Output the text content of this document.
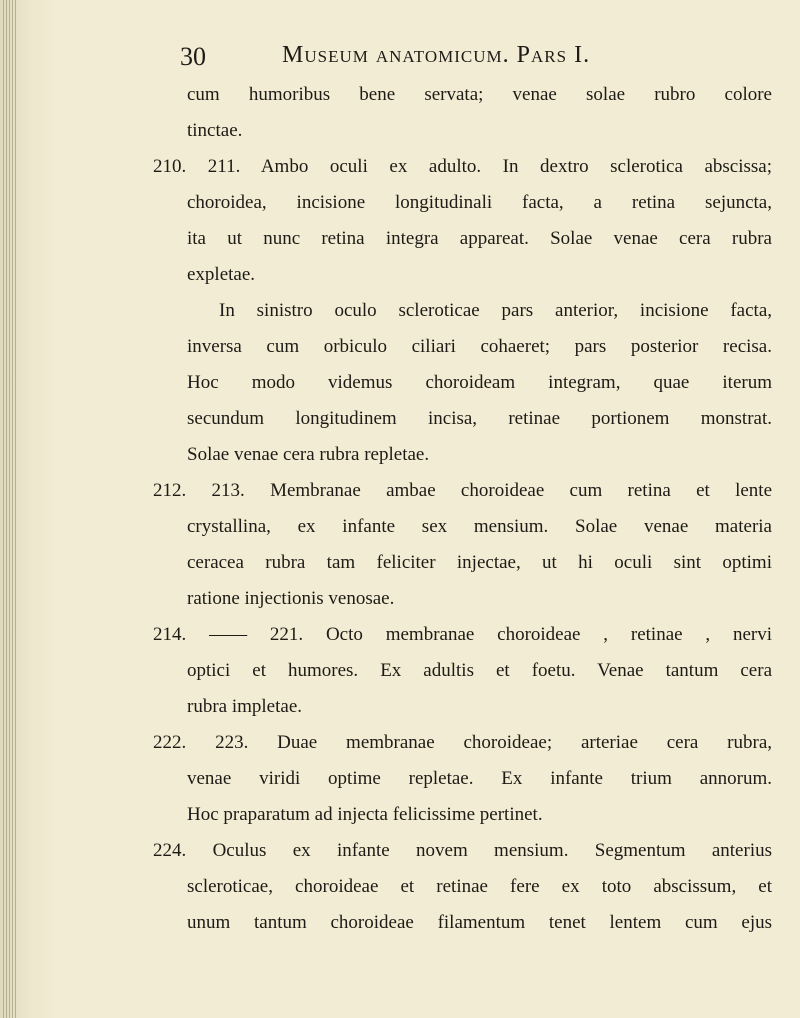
30	Museum anatomicum. Pars I.
cum humoribus bene servata; venae solae rubro colore
tinctae.
210. 211. Ambo oculi ex adulto. In dextro sclerotica abscissa;
choroidea, incisione longitudinali facta, a retina sejuncta,
ita ut nunc retina integra appareat. Solae venae cera rubra
expletae.
In sinistro oculo scleroticae pars anterior, incisione facta,
inversa cum orbiculo ciliari cohaeret; pars posterior recisa.
Hoc modo videmus choroideam integram, quae iterum
secundum longitudinem incisa, retinae portionem monstrat.
Solae venae cera rubra repletae.
212. 213. Membranae ambae choroideae cum retina et lente
crystallina, ex infante sex mensium. Solae venae materia
ceracea rubra tam feliciter injectae, ut hi oculi sint optimi
ratione injectionis venosae.
214. —— 221. Octo membranae choroideae , retinae , nervi
optici et humores. Ex adultis et foetu. Venae tantum cera
rubra impletae.
222. 223. Duae membranae choroideae; arteriae cera rubra,
venae viridi optime repletae. Ex infante trium annorum.
Hoc praparatum ad injecta felicissime pertinet.
224. Oculus ex infante novem mensium. Segmentum anterius
scleroticae, choroideae et retinae fere ex toto abscissum, et
unum tantum choroideae filamentum tenet lentem cum ejus
